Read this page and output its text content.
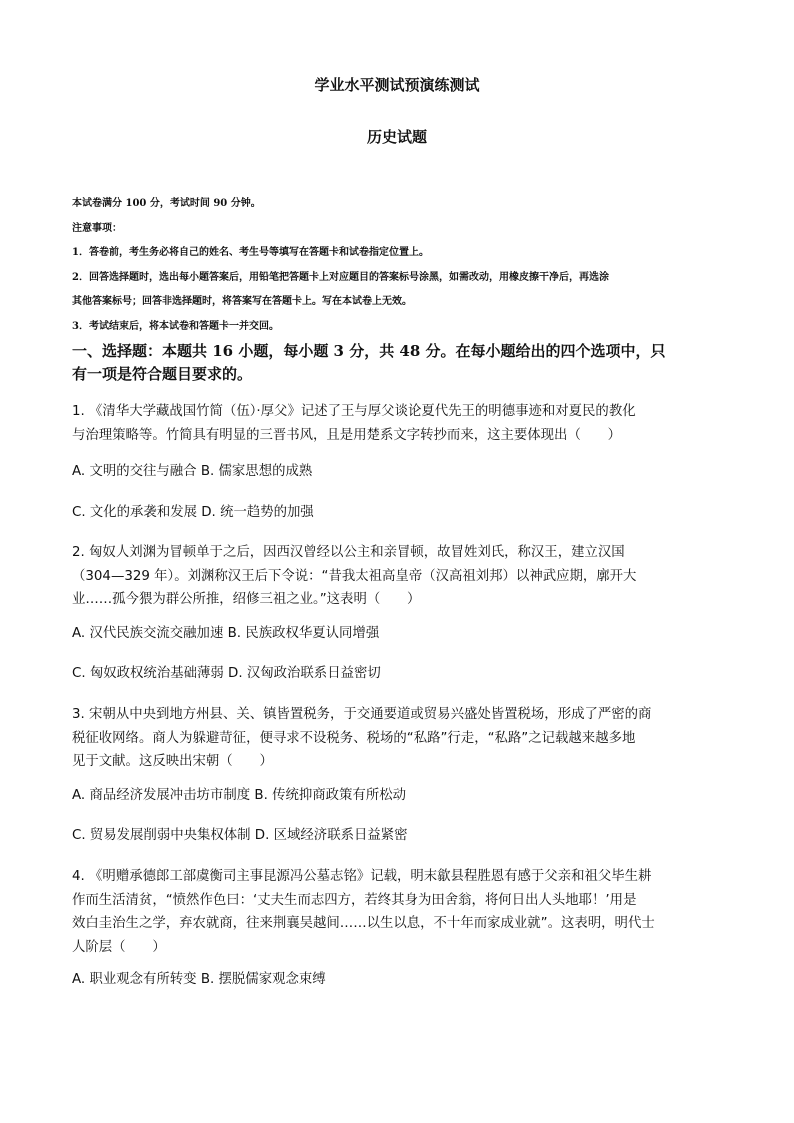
学业水平测试预演练测试
历史试题
本试卷满分 100 分，考试时间 90 分钟。
注意事项：
1．答卷前，考生务必将自己的姓名、考生号等填写在答题卡和试卷指定位置上。
2．回答选择题时，选出每小题答案后，用铅笔把答题卡上对应题目的答案标号涂黑，如需改动，用橡皮擦干净后，再选涂
其他答案标号；回答非选择题时，将答案写在答题卡上。写在本试卷上无效。
3．考试结束后，将本试卷和答题卡一并交回。
一、选择题：本题共 16 小题，每小题 3 分，共 48 分。在每小题给出的四个选项中，只
有一项是符合题目要求的。
1. 《清华大学藏战国竹简（伍）·厚父》记述了王与厚父谈论夏代先王的明德事迹和对夏民的教化
与治理策略等。竹简具有明显的三晋书风，且是用楚系文字转抄而来，这主要体现出（　　）
A. 文明的交往与融合 B. 儒家思想的成熟
C. 文化的承袭和发展 D. 统一趋势的加强
2. 匈奴人刘渊为冒顿单于之后，因西汉曾经以公主和亲冒顿，故冒姓刘氏，称汉王，建立汉国
（304—329 年）。刘渊称汉王后下令说：“昔我太祖高皇帝（汉高祖刘邦）以神武应期，廓开大
业……孤今猥为群公所推，绍修三祖之业。”这表明（　　）
A. 汉代民族交流交融加速 B. 民族政权华夏认同增强
C. 匈奴政权统治基础薄弱 D. 汉匈政治联系日益密切
3. 宋朝从中央到地方州县、关、镇皆置税务，于交通要道或贸易兴盛处皆置税场，形成了严密的商
税征收网络。商人为躲避苛征，便寻求不设税务、税场的“私路”行走，“私路”之记载越来越多地
见于文献。这反映出宋朝（　　）
A. 商品经济发展冲击坊市制度 B. 传统抑商政策有所松动
C. 贸易发展削弱中央集权体制 D. 区域经济联系日益紧密
4. 《明赠承德郎工部虞衡司主事昆源冯公墓志铭》记载，明末歙县程胜恩有感于父亲和祖父毕生耕
作而生活清贫，“愤然作色曰：‘丈夫生而志四方，若终其身为田舍翁，将何日出人头地耶！’用是
效白圭治生之学，弃农就商，往来荆襄吴越间……以生以息，不十年而家成业就”。这表明，明代士
人阶层（　　）
A. 职业观念有所转变 B. 摆脱儒家观念束缚
